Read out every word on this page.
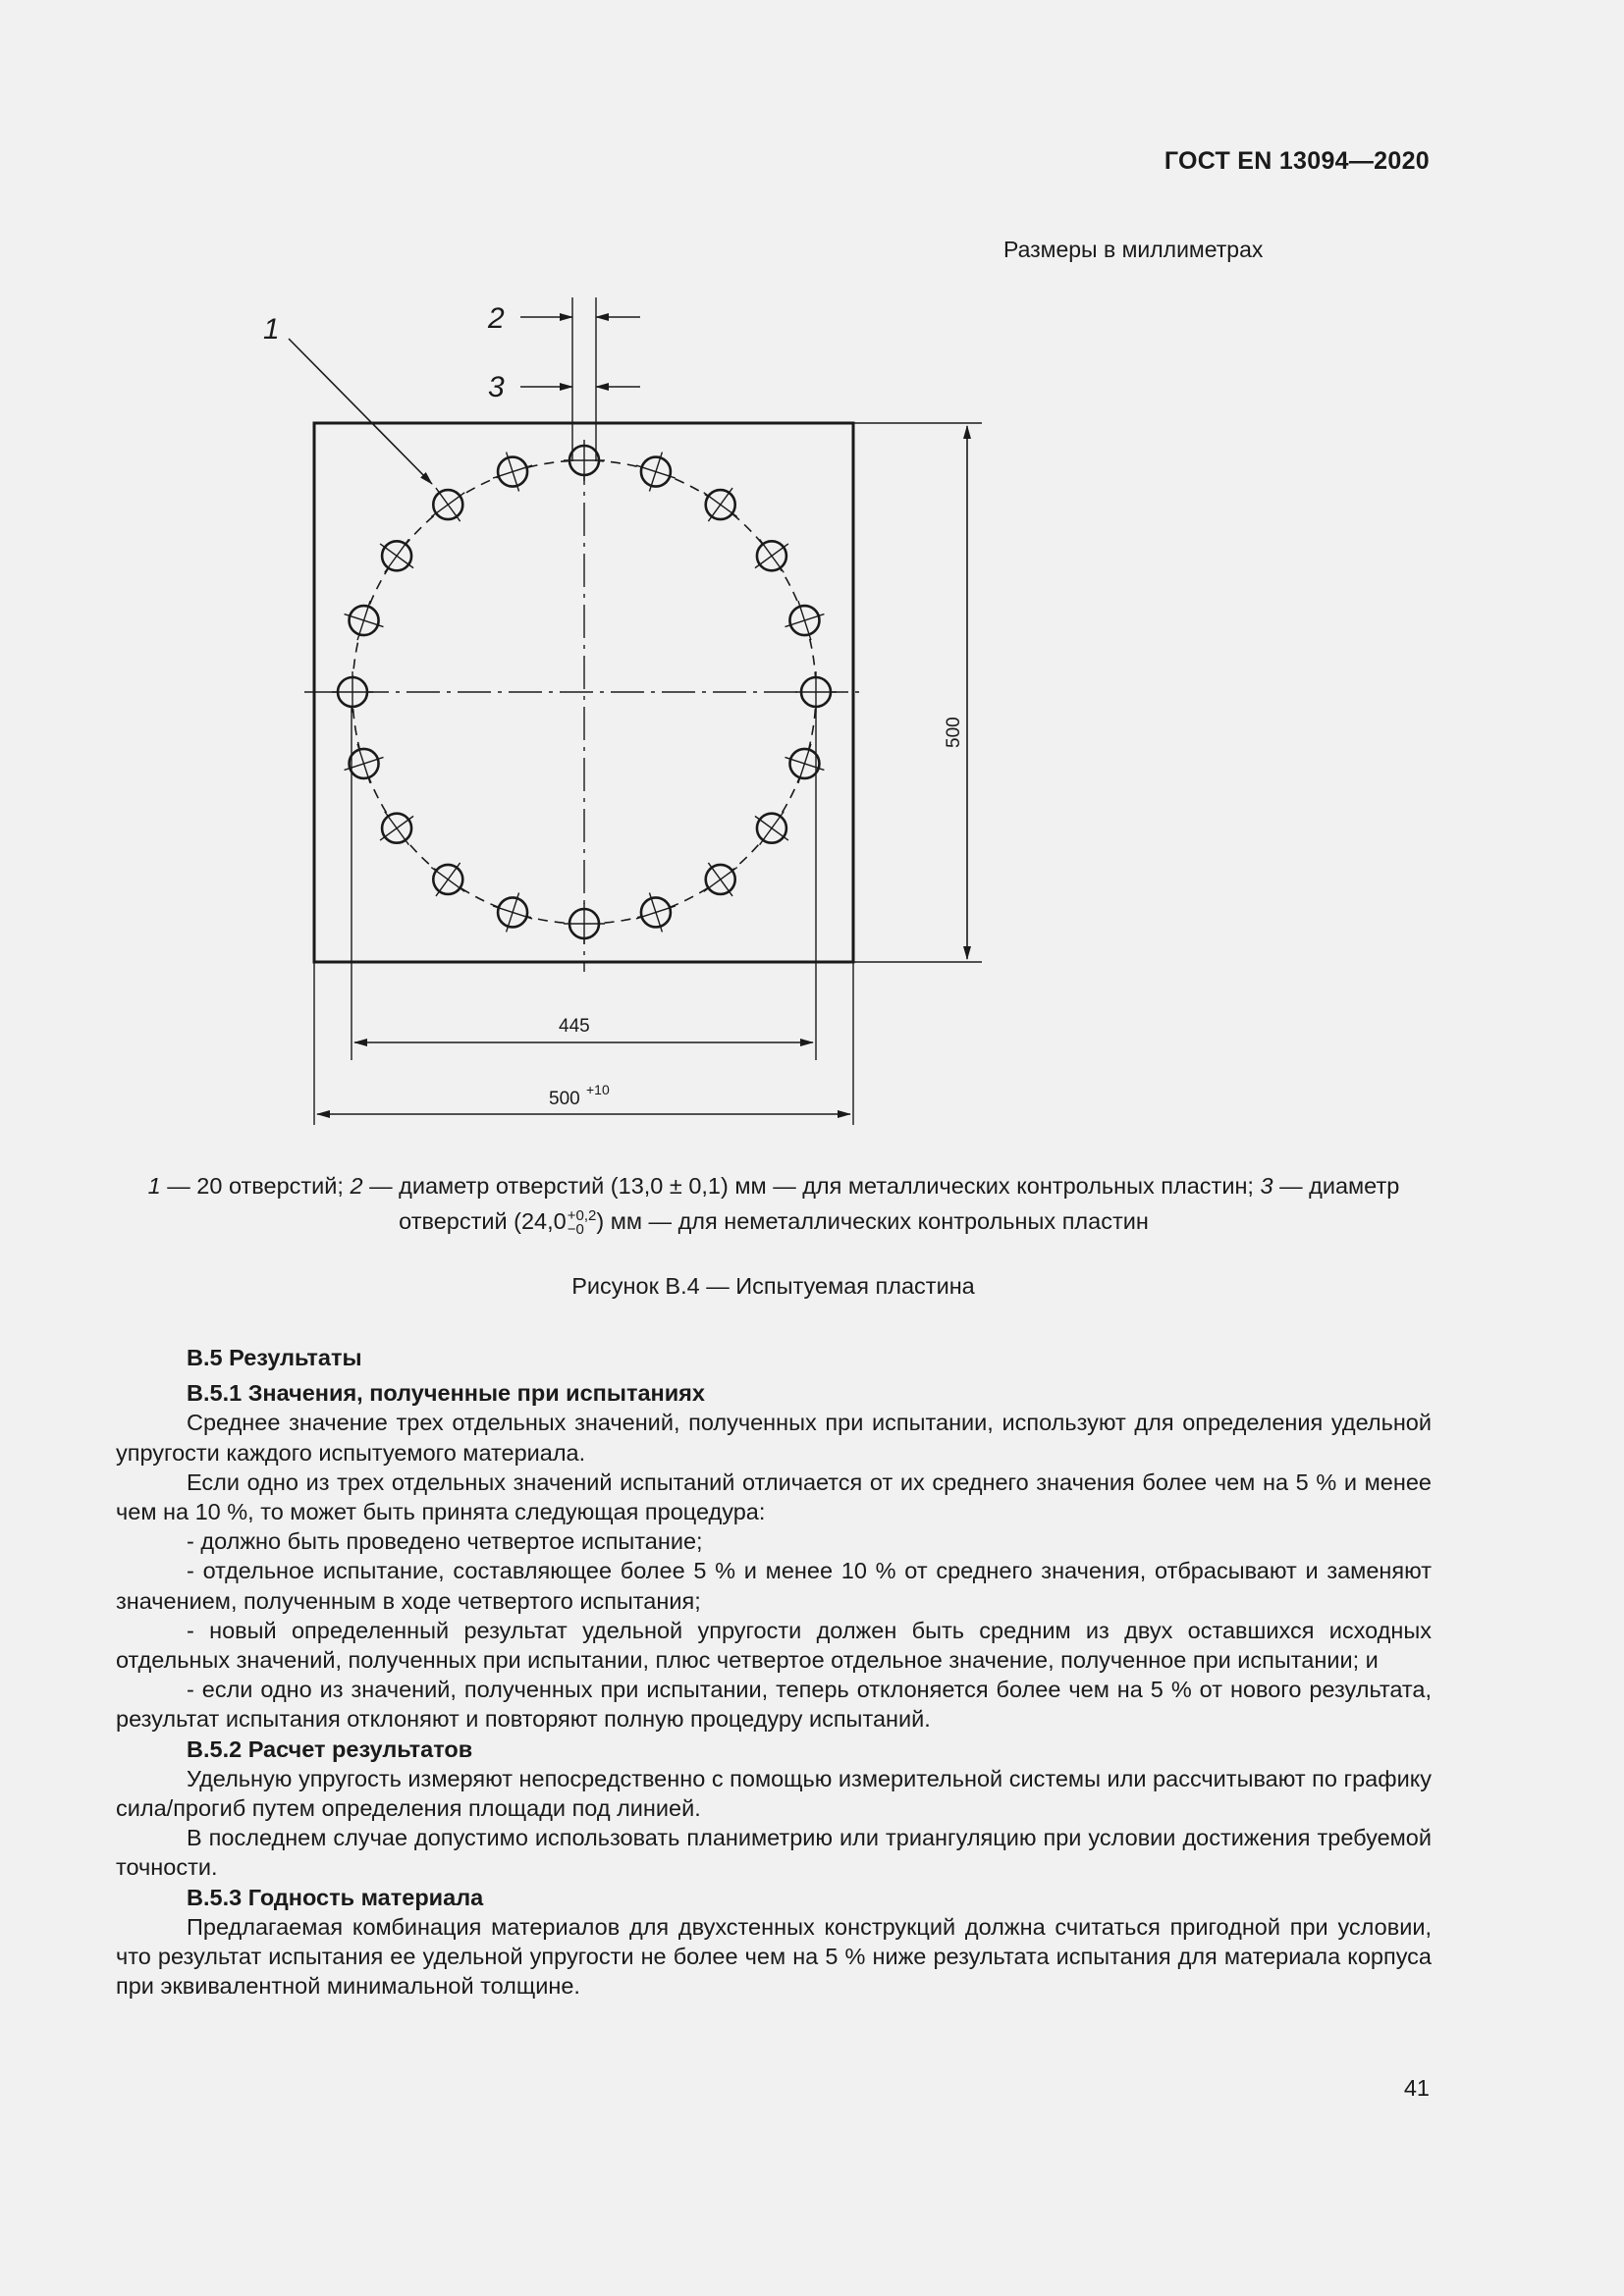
ГОСТ EN 13094—2020
Размеры в миллиметрах
1	2
3
500
445
500 +10
1 — 20 отверстий; 2 — диаметр отверстий (13,0 ± 0,1) мм — для металлических контрольных пластин; 3 — диаметр
отверстий (24,0 +0,2
−0 ) мм — для неметаллических контрольных пластин
Рисунок В.4 — Испытуемая пластина

В.5 Результаты

В.5.1 Значения, полученные при испытаниях

Среднее значение трех отдельных значений, полученных при испытании, используют для определения удельной упругости каждого испытуемого материала.

Если одно из трех отдельных значений испытаний отличается от их среднего значения более чем на 5 % и менее чем на 10 %, то может быть принята следующая процедура:

- должно быть проведено четвертое испытание;

- отдельное испытание, составляющее более 5 % и менее 10 % от среднего значения, отбрасывают и заменяют значением, полученным в ходе четвертого испытания;

- новый определенный результат удельной упругости должен быть средним из двух оставшихся исходных отдельных значений, полученных при испытании, плюс четвертое отдельное значение, полученное при испытании; и

- если одно из значений, полученных при испытании, теперь отклоняется более чем на 5 % от нового результата, результат испытания отклоняют и повторяют полную процедуру испытаний.

В.5.2 Расчет результатов

Удельную упругость измеряют непосредственно с помощью измерительной системы или рассчитывают по графику сила/прогиб путем определения площади под линией.

В последнем случае допустимо использовать планиметрию или триангуляцию при условии достижения требуемой точности.

В.5.3 Годность материала

Предлагаемая комбинация материалов для двухстенных конструкций должна считаться пригодной при условии, что результат испытания ее удельной упругости не более чем на 5 % ниже результата испытания для материала корпуса при эквивалентной минимальной толщине.

41
